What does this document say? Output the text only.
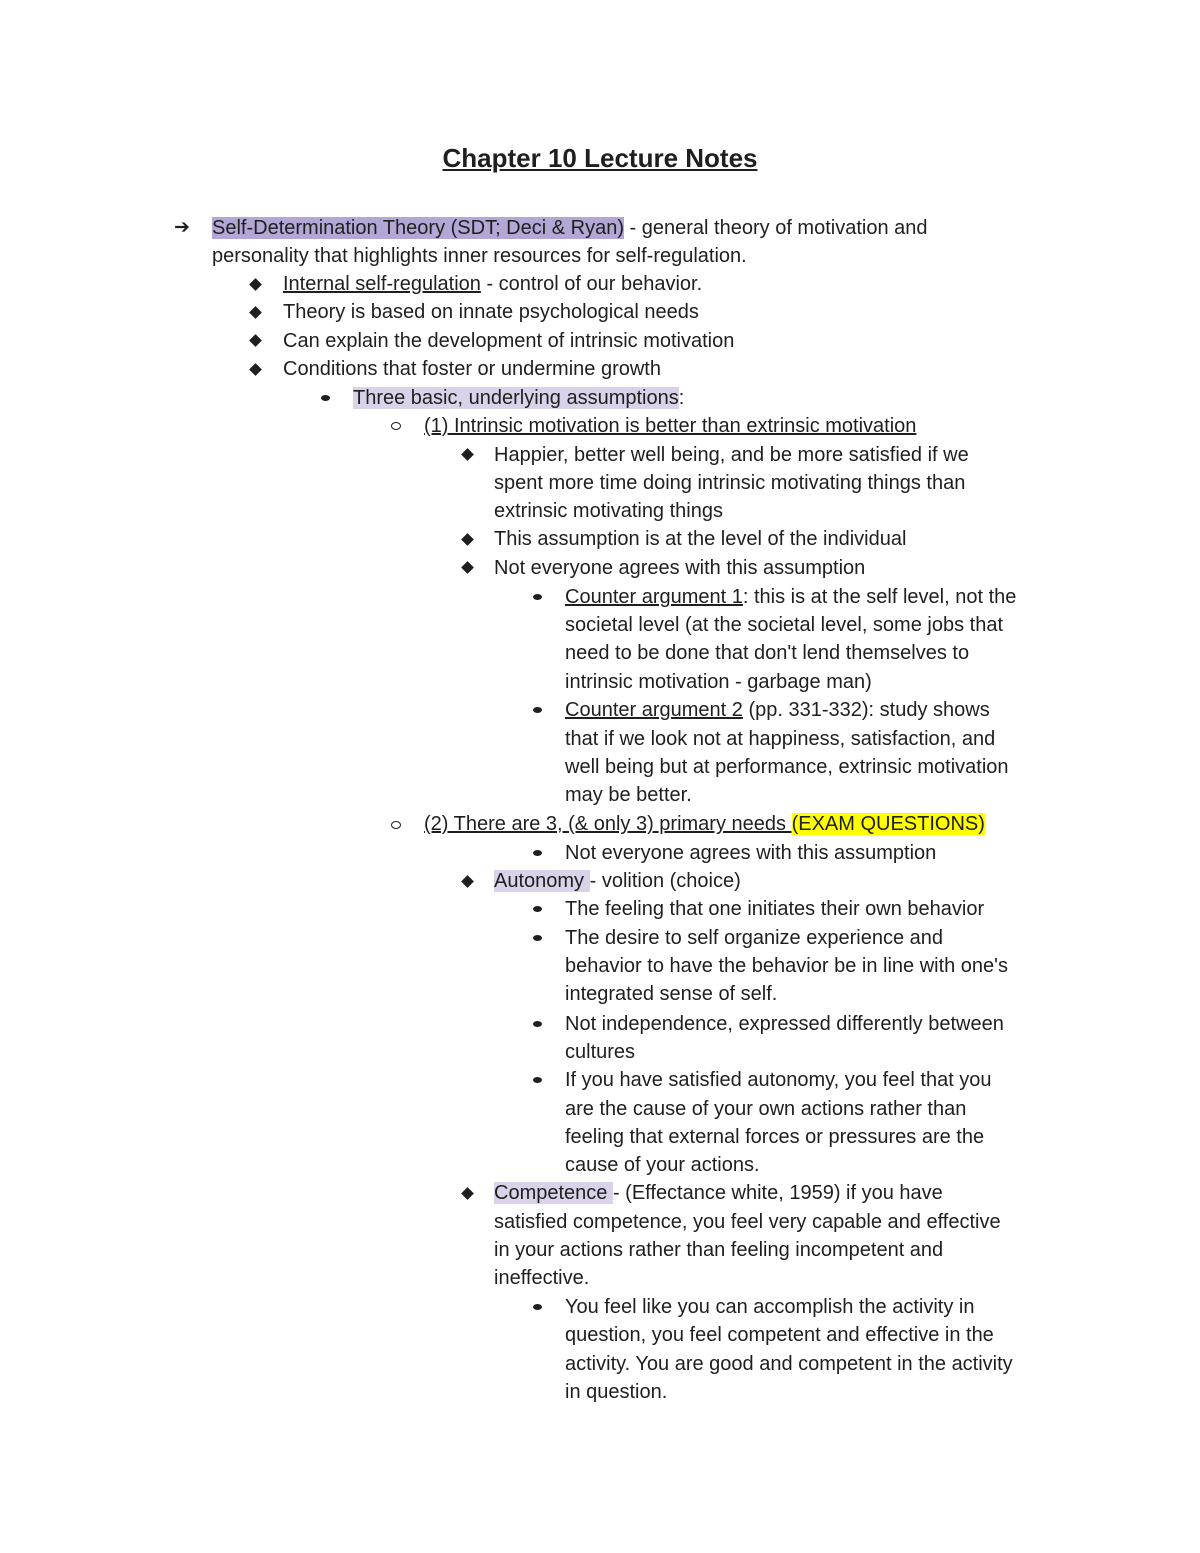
Chapter 10 Lecture Notes
➔ Self-Determination Theory (SDT; Deci & Ryan) - general theory of motivation and
personality that highlights inner resources for self-regulation.
Internal self-regulation - control of our behavior.
Theory is based on innate psychological needs
Can explain the development of intrinsic motivation
Conditions that foster or undermine growth
Three basic, underlying assumptions:
(1) Intrinsic motivation is better than extrinsic motivation
Happier, better well being, and be more satisfied if we
spent more time doing intrinsic motivating things than
extrinsic motivating things
This assumption is at the level of the individual
Not everyone agrees with this assumption
Counter argument 1: this is at the self level, not the
societal level (at the societal level, some jobs that
need to be done that don't lend themselves to
intrinsic motivation - garbage man)
Counter argument 2 (pp. 331-332): study shows
that if we look not at happiness, satisfaction, and
well being but at performance, extrinsic motivation
may be better.
(2) There are 3, (& only 3) primary needs (EXAM QUESTIONS)
Not everyone agrees with this assumption
Autonomy - volition (choice)
The feeling that one initiates their own behavior
The desire to self organize experience and
behavior to have the behavior be in line with one's
integrated sense of self.
Not independence, expressed differently between
cultures
If you have satisfied autonomy, you feel that you
are the cause of your own actions rather than
feeling that external forces or pressures are the
cause of your actions.
Competence - (Effectance white, 1959) if you have
satisfied competence, you feel very capable and effective
in your actions rather than feeling incompetent and
ineffective.
You feel like you can accomplish the activity in
question, you feel competent and effective in the
activity. You are good and competent in the activity
in question.
